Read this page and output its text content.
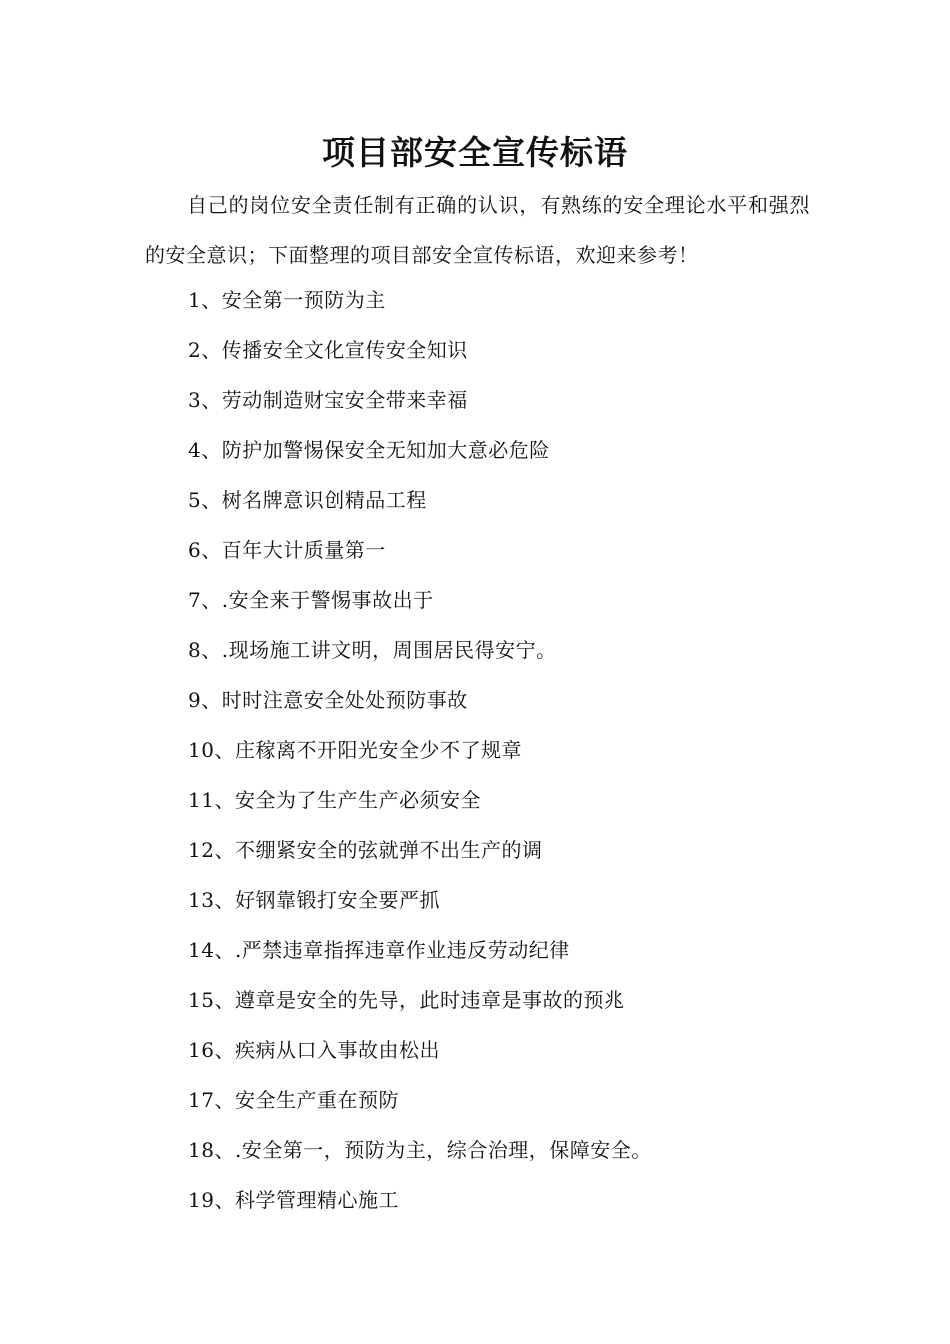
项目部安全宣传标语
自己的岗位安全责任制有正确的认识，有熟练的安全理论水平和强烈的安全意识；下面整理的项目部安全宣传标语，欢迎来参考！
1、安全第一预防为主
2、传播安全文化宣传安全知识
3、劳动制造财宝安全带来幸福
4、防护加警惕保安全无知加大意必危险
5、树名牌意识创精品工程
6、百年大计质量第一
7、.安全来于警惕事故出于
8、.现场施工讲文明，周围居民得安宁。
9、时时注意安全处处预防事故
10、庄稼离不开阳光安全少不了规章
11、安全为了生产生产必须安全
12、不绷紧安全的弦就弹不出生产的调
13、好钢靠锻打安全要严抓
14、.严禁违章指挥违章作业违反劳动纪律
15、遵章是安全的先导，此时违章是事故的预兆
16、疾病从口入事故由松出
17、安全生产重在预防
18、.安全第一，预防为主，综合治理，保障安全。
19、科学管理精心施工
